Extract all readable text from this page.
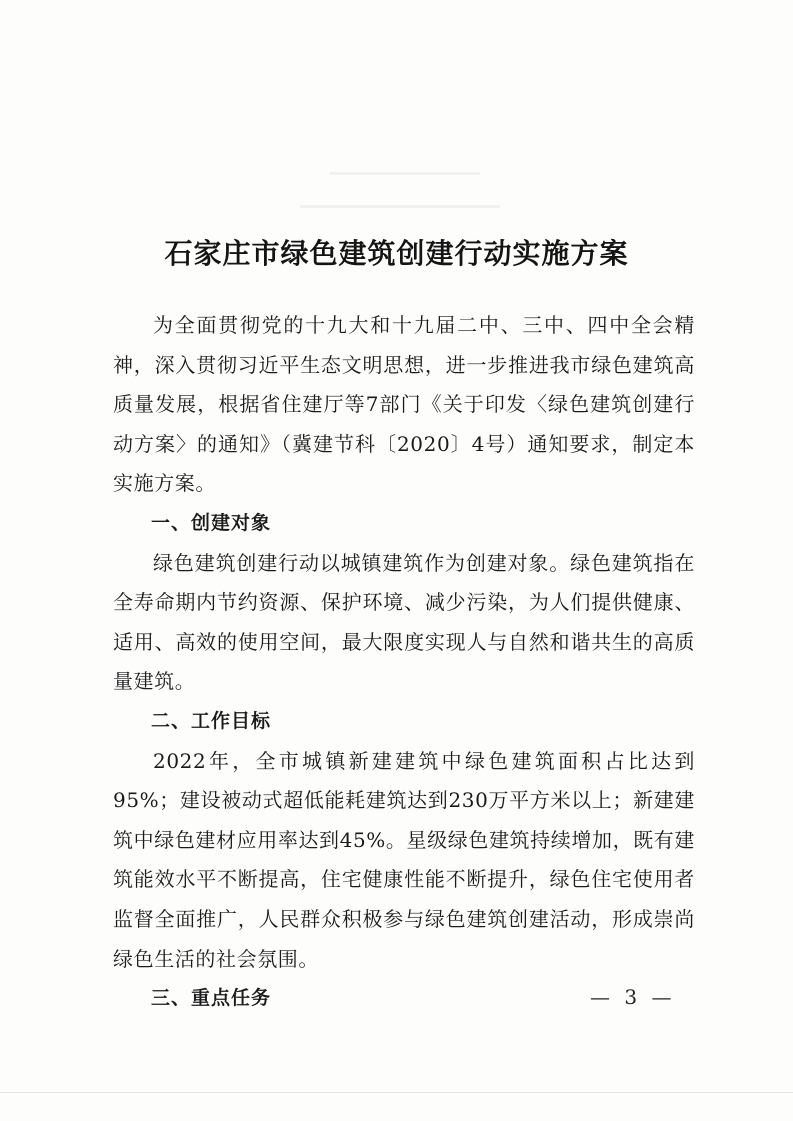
石家庄市绿色建筑创建行动实施方案

为全面贯彻党的十九大和十九届二中、三中、四中全会精神，深入贯彻习近平生态文明思想，进一步推进我市绿色建筑高质量发展，根据省住建厅等7部门《关于印发〈绿色建筑创建行动方案〉的通知》（冀建节科〔2020〕4号）通知要求，制定本实施方案。

一、创建对象

绿色建筑创建行动以城镇建筑作为创建对象。绿色建筑指在全寿命期内节约资源、保护环境、减少污染，为人们提供健康、适用、高效的使用空间，最大限度实现人与自然和谐共生的高质量建筑。

二、工作目标

2022年，全市城镇新建建筑中绿色建筑面积占比达到95%；建设被动式超低能耗建筑达到230万平方米以上；新建建筑中绿色建材应用率达到45%。星级绿色建筑持续增加，既有建筑能效水平不断提高，住宅健康性能不断提升，绿色住宅使用者监督全面推广，人民群众积极参与绿色建筑创建活动，形成崇尚绿色生活的社会氛围。

三、重点任务	— 3 —
